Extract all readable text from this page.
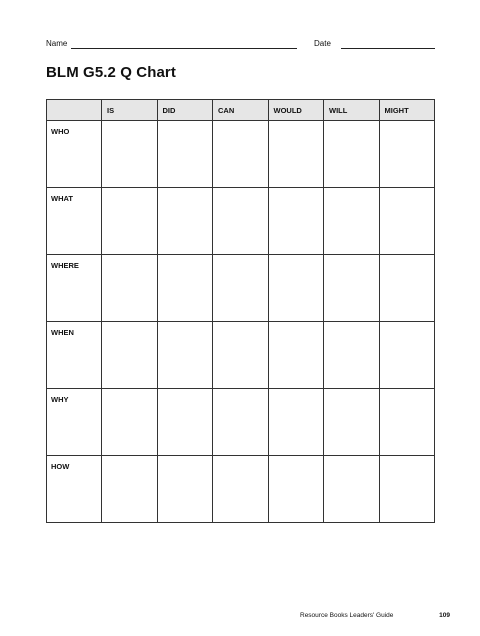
Name	Date
BLM G5.2 Q Chart
	IS	DID	CAN	WOULD	WILL	MIGHT
WHO						
WHAT						
WHERE						
WHEN						
WHY						
HOW						
Resource Books Leaders' Guide	109
